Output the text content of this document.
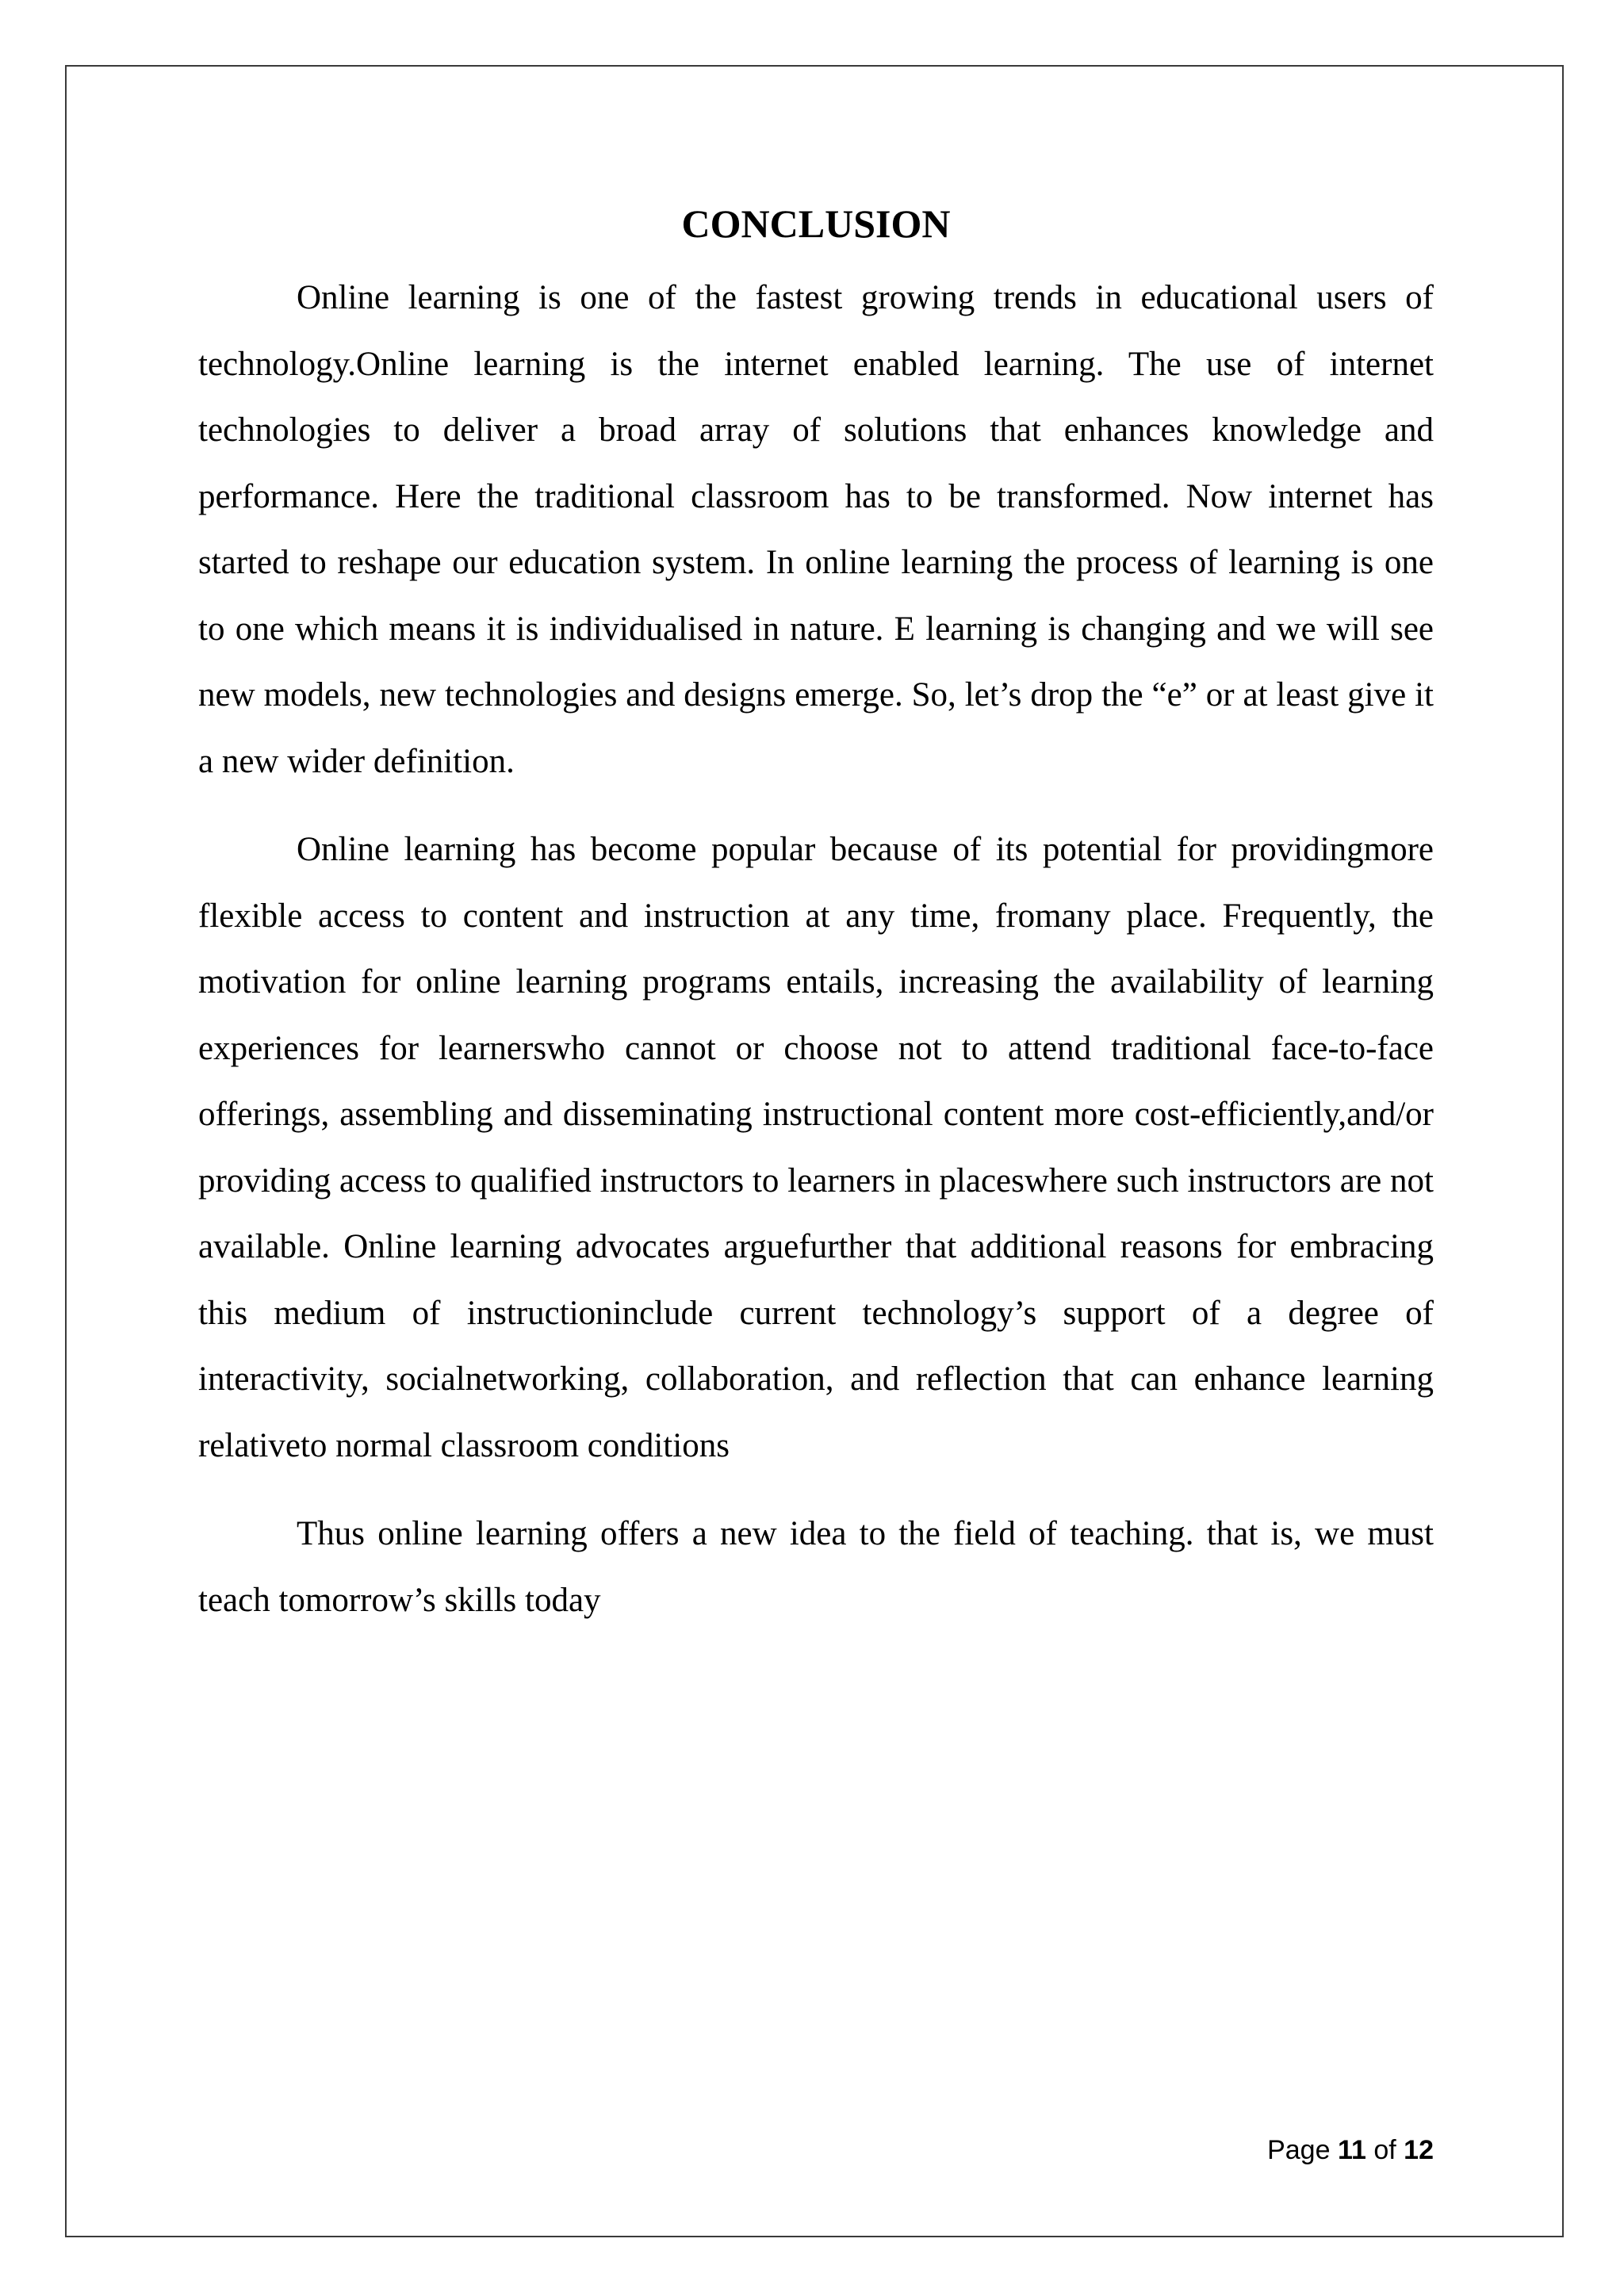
CONCLUSION

Online learning is one of the fastest growing trends in educational users of technology.Online learning is the internet enabled learning. The use of internet technologies to deliver a broad array of solutions that enhances knowledge and performance. Here the traditional classroom has to be transformed. Now internet has started to reshape our education system. In online learning the process of learning is one to one which means it is individualised in nature. E learning is changing and we will see new models, new technologies and designs emerge. So, let’s drop the “e” or at least give it a new wider definition.

Online learning has become popular because of its potential for providingmore flexible access to content and instruction at any time, fromany place. Frequently, the motivation for online learning programs entails, increasing the availability of learning experiences for learnerswho cannot or choose not to attend traditional face-to-face offerings, assembling and disseminating instructional content more cost-efficiently,and/or providing access to qualified instructors to learners in placeswhere such instructors are not available. Online learning advocates arguefurther that additional reasons for embracing this medium of instructioninclude current technology’s support of a degree of interactivity, socialnetworking, collaboration, and reflection that can enhance learning relativeto normal classroom conditions

Thus online learning offers a new idea to the field of teaching. that is, we must teach tomorrow’s skills today

Page 11 of 12
